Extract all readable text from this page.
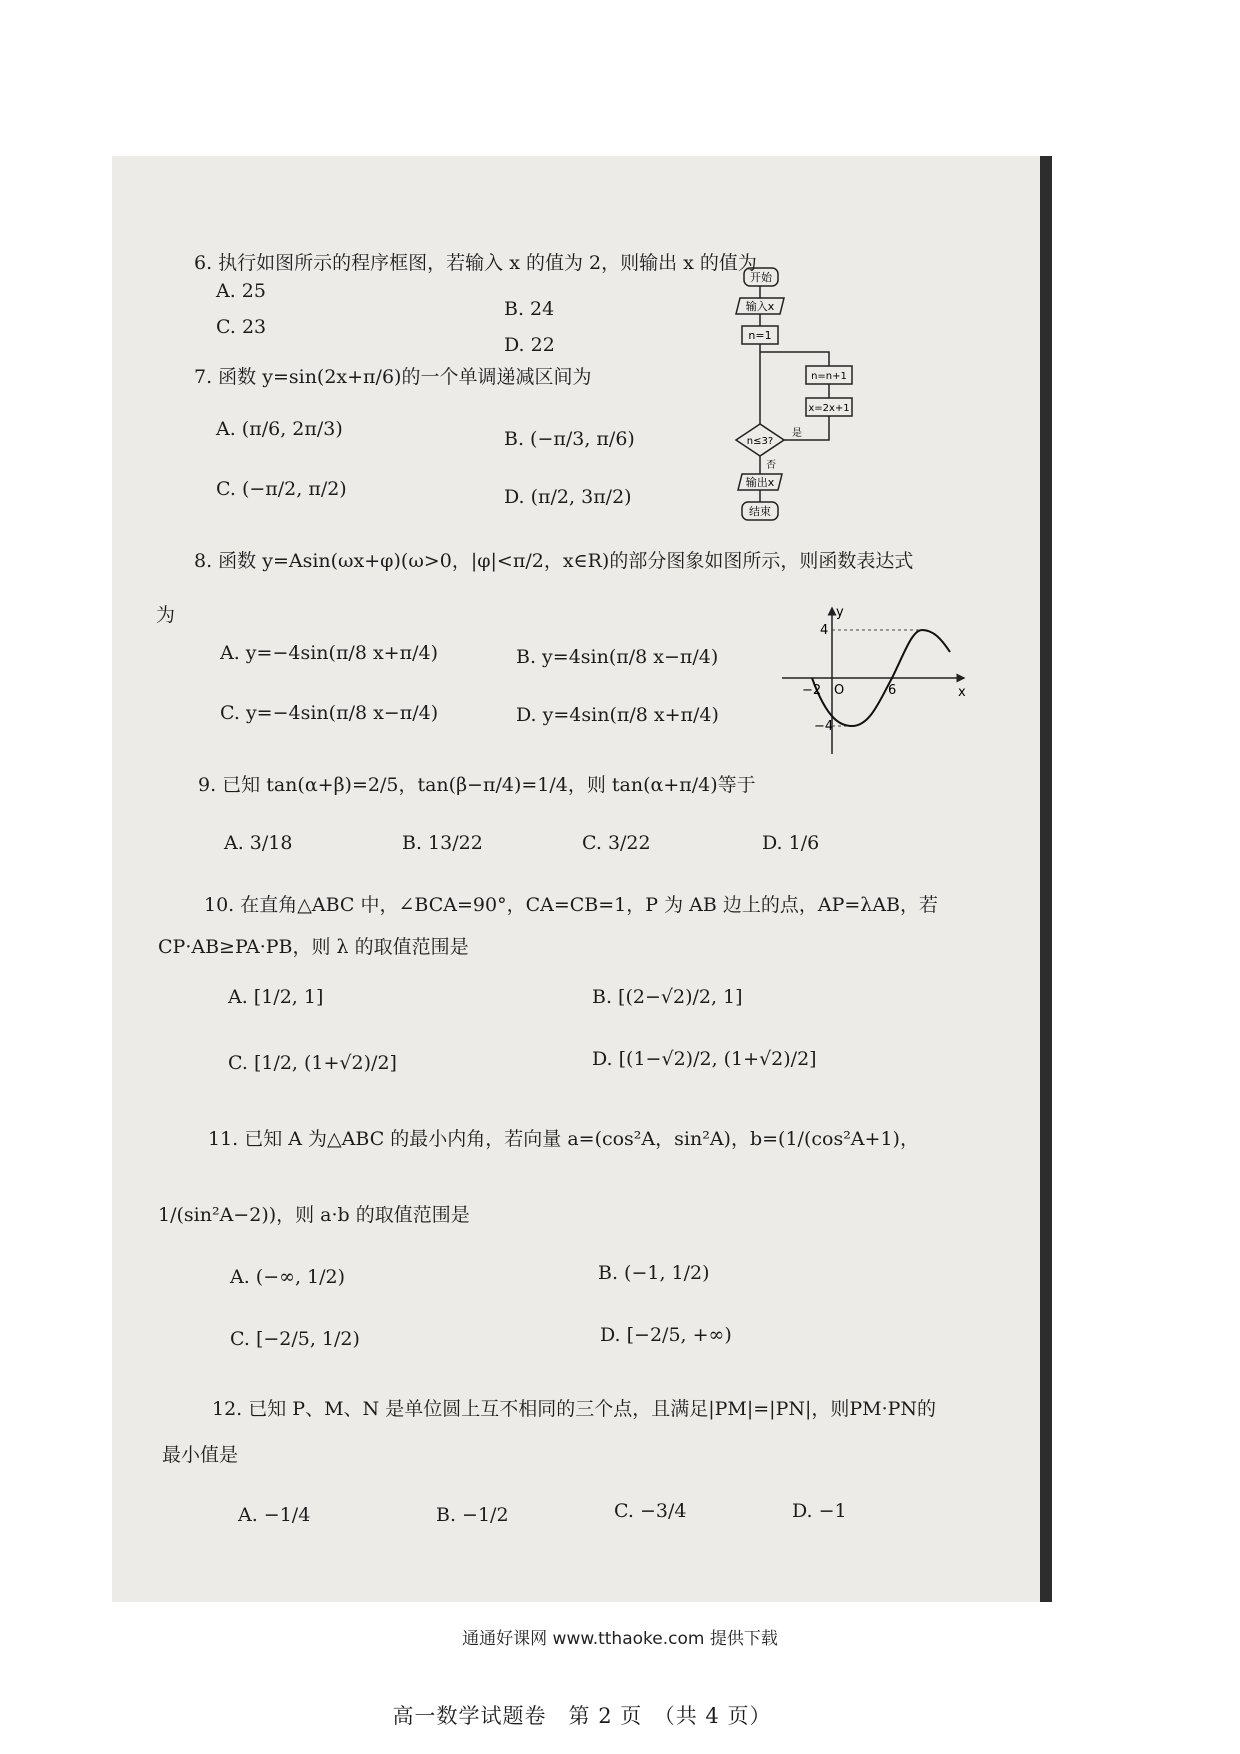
6. 执行如图所示的程序框图，若输入 x 的值为 2，则输出 x 的值为
A. 25
B. 24
C. 23
D. 22
开始
输入x
n=1
n=n+1
x=2x+1
n≤3?
是
否
输出x
结束
7. 函数 y=sin(2x+π/6)的一个单调递减区间为
A. (π/6, 2π/3)	B. (−π/3, π/6)
C. (−π/2, π/2)	D. (π/2, 3π/2)
8. 函数 y=Asin(ωx+φ)(ω>0，|φ|<π/2，x∈R)的部分图象如图所示，则函数表达式
为
A. y=−4sin(π/8 x+π/4)	B. y=4sin(π/8 x−π/4)
C. y=−4sin(π/8 x−π/4)	D. y=4sin(π/8 x+π/4)
y
x
O
4
−4
−2	6
9. 已知 tan(α+β)=2/5，tan(β−π/4)=1/4，则 tan(α+π/4)等于
A. 3/18	B. 13/22	C. 3/22	D. 1/6
10. 在直角△ABC 中，∠BCA=90°，CA=CB=1，P 为 AB 边上的点，AP=λAB，若
CP·AB≥PA·PB，则 λ 的取值范围是
A. [1/2, 1]	B. [(2−√2)/2, 1]
C. [1/2, (1+√2)/2]	D. [(1−√2)/2, (1+√2)/2]
11. 已知 A 为△ABC 的最小内角，若向量 a=(cos²A，sin²A)，b=(1/(cos²A+1)，
1/(sin²A−2))，则 a·b 的取值范围是
A. (−∞, 1/2)	B. (−1, 1/2)
C. [−2/5, 1/2)	D. [−2/5, +∞)
12. 已知 P、M、N 是单位圆上互不相同的三个点，且满足|PM|=|PN|，则PM·PN的
最小值是
A. −1/4	B. −1/2	C. −3/4	D. −1
高一数学试题卷　第 2 页　（共 4 页）
通通好课网 www.tthaoke.com 提供下载
